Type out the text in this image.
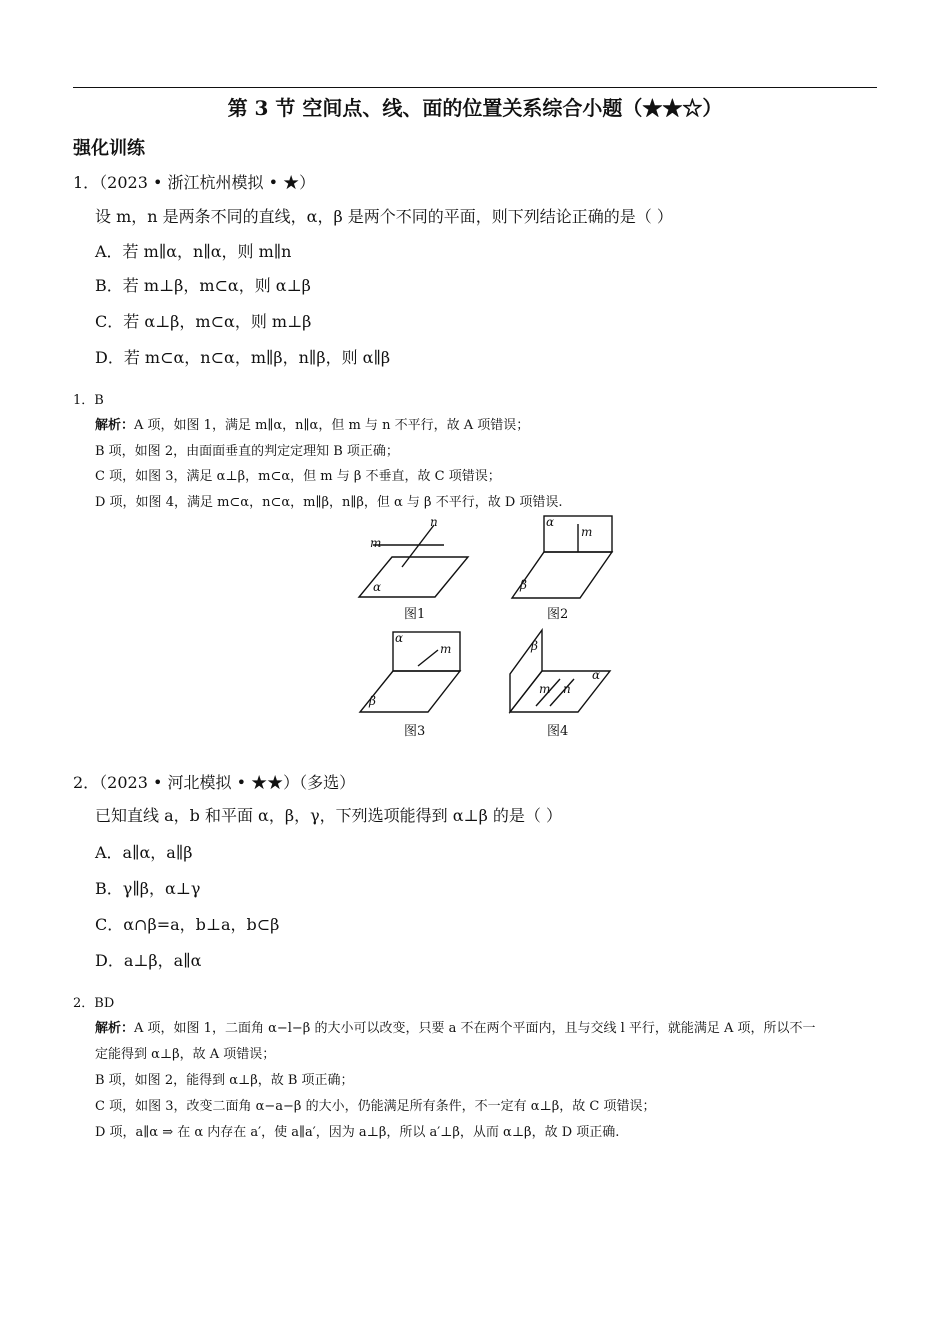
第 3 节 空间点、线、面的位置关系综合小题（★★☆）
强化训练
1．（2023 • 浙江杭州模拟 • ★）
设 m，n 是两条不同的直线，α，β 是两个不同的平面，则下列结论正确的是（ ）
A．若 m∥α，n∥α，则 m∥n
B．若 m⊥β，m⊂α，则 α⊥β
C．若 α⊥β，m⊂α，则 m⊥β
D．若 m⊂α，n⊂α，m∥β，n∥β，则 α∥β
1．B
解析：A 项，如图 1，满足 m∥α，n∥α，但 m 与 n 不平行，故 A 项错误；
B 项，如图 2，由面面垂直的判定定理知 B 项正确；
C 项，如图 3，满足 α⊥β，m⊂α，但 m 与 β 不垂直，故 C 项错误；
D 项，如图 4，满足 m⊂α，n⊂α，m∥β，n∥β，但 α 与 β 不平行，故 D 项错误.
m
n
α
α
m
β
α
m
β
β
α
m n
图1	图2
图3	图4
2．（2023 • 河北模拟 • ★★）（多选）
已知直线 a，b 和平面 α，β，γ，下列选项能得到 α⊥β 的是（ ）
A．a∥α，a∥β
B．γ∥β，α⊥γ
C．α∩β=a，b⊥a，b⊂β
D．a⊥β，a∥α
2．BD
解析：A 项，如图 1，二面角 α−l−β 的大小可以改变，只要 a 不在两个平面内，且与交线 l 平行，就能满足 A 项，所以不一
定能得到 α⊥β，故 A 项错误；
B 项，如图 2，能得到 α⊥β，故 B 项正确；
C 项，如图 3，改变二面角 α−a−β 的大小，仍能满足所有条件，不一定有 α⊥β，故 C 项错误；
D 项，a∥α ⇒ 在 α 内存在 a′，使 a∥a′，因为 a⊥β，所以 a′⊥β，从而 α⊥β，故 D 项正确.
